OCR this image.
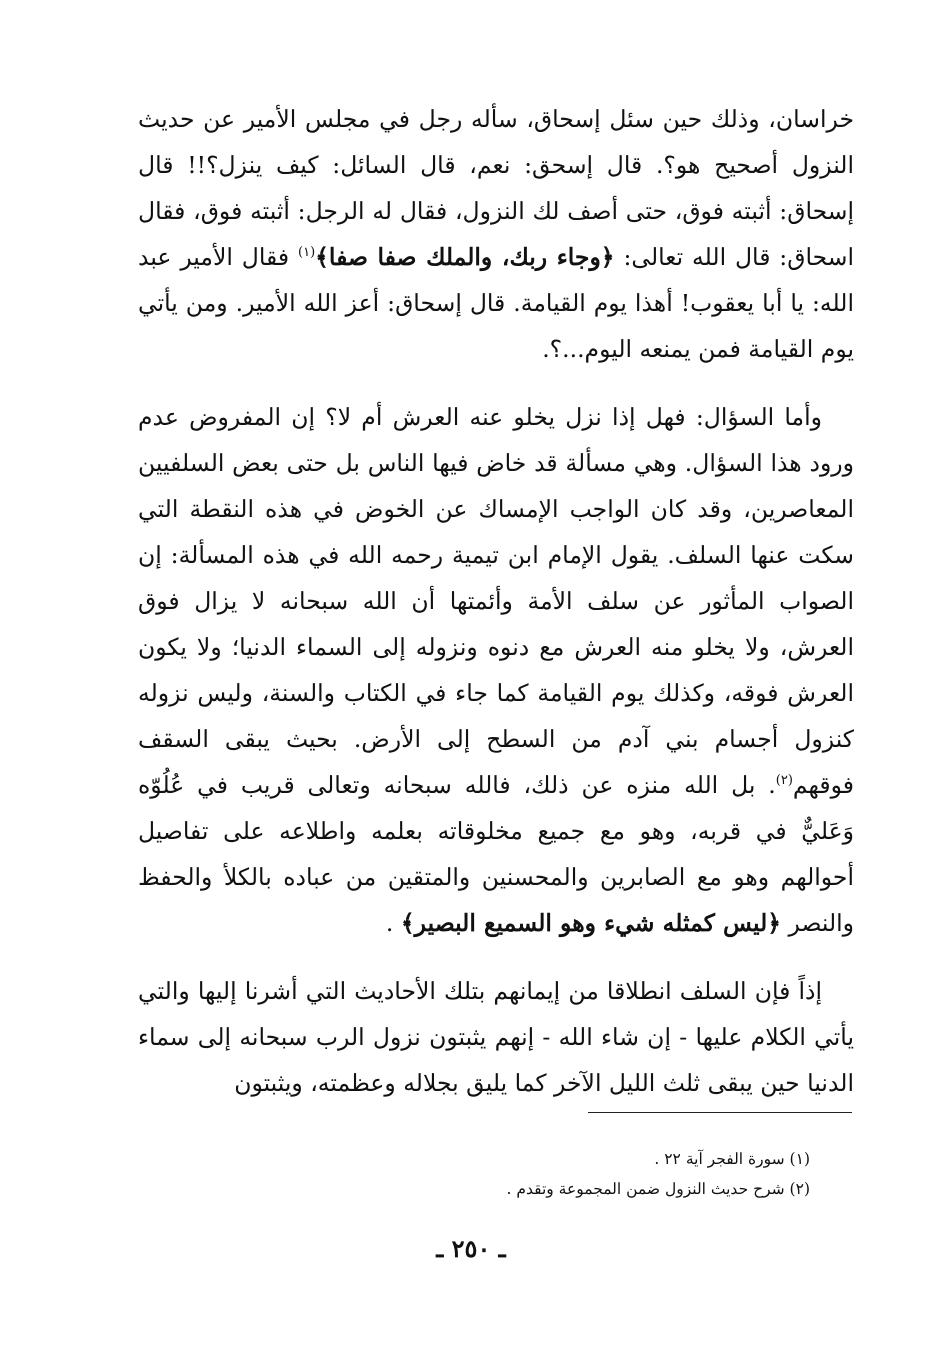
خراسان، وذلك حين سئل إسحاق، سأله رجل في مجلس الأمير عن حديث النزول أصحيح هو؟. قال إسحق: نعم، قال السائل: كيف ينزل؟!! قال إسحاق: أثبته فوق، حتى أصف لك النزول، فقال له الرجل: أثبته فوق، فقال اسحاق: قال الله تعالى: ﴿وجاء ربك، والملك صفا صفا﴾$^{(١)}$ فقال الأمير عبد الله: يا أبا يعقوب! أهذا يوم القيامة. قال إسحاق: أعز الله الأمير. ومن يأتي يوم القيامة فمن يمنعه اليوم...؟.

وأما السؤال: فهل إذا نزل يخلو عنه العرش أم لا؟ إن المفروض عدم ورود هذا السؤال. وهي مسألة قد خاض فيها الناس بل حتى بعض السلفيين المعاصرين، وقد كان الواجب الإمساك عن الخوض في هذه النقطة التي سكت عنها السلف. يقول الإمام ابن تيمية رحمه الله في هذه المسألة: إن الصواب المأثور عن سلف الأمة وأئمتها أن الله سبحانه لا يزال فوق العرش، ولا يخلو منه العرش مع دنوه ونزوله إلى السماء الدنيا؛ ولا يكون العرش فوقه، وكذلك يوم القيامة كما جاء في الكتاب والسنة، وليس نزوله كنزول أجسام بني آدم من السطح إلى الأرض. بحيث يبقى السقف فوقهم$^{(٢)}$. بل الله منزه عن ذلك، فالله سبحانه وتعالى قريب في عُلُوّه وَعَليٌّ في قربه، وهو مع جميع مخلوقاته بعلمه واطلاعه على تفاصيل أحوالهم وهو مع الصابرين والمحسنين والمتقين من عباده بالكلأ والحفظ والنصر ﴿ليس كمثله شيء وهو السميع البصير﴾ .

إذاً فإن السلف انطلاقا من إيمانهم بتلك الأحاديث التي أشرنا إليها والتي يأتي الكلام عليها - إن شاء الله - إنهم يثبتون نزول الرب سبحانه إلى سماء الدنيا حين يبقى ثلث الليل الآخر كما يليق بجلاله وعظمته، ويثبتون

(١) سورة الفجر آية ٢٢ .

(٢) شرح حديث النزول ضمن المجموعة وتقدم .

ـ ٢٥٠ ـ
